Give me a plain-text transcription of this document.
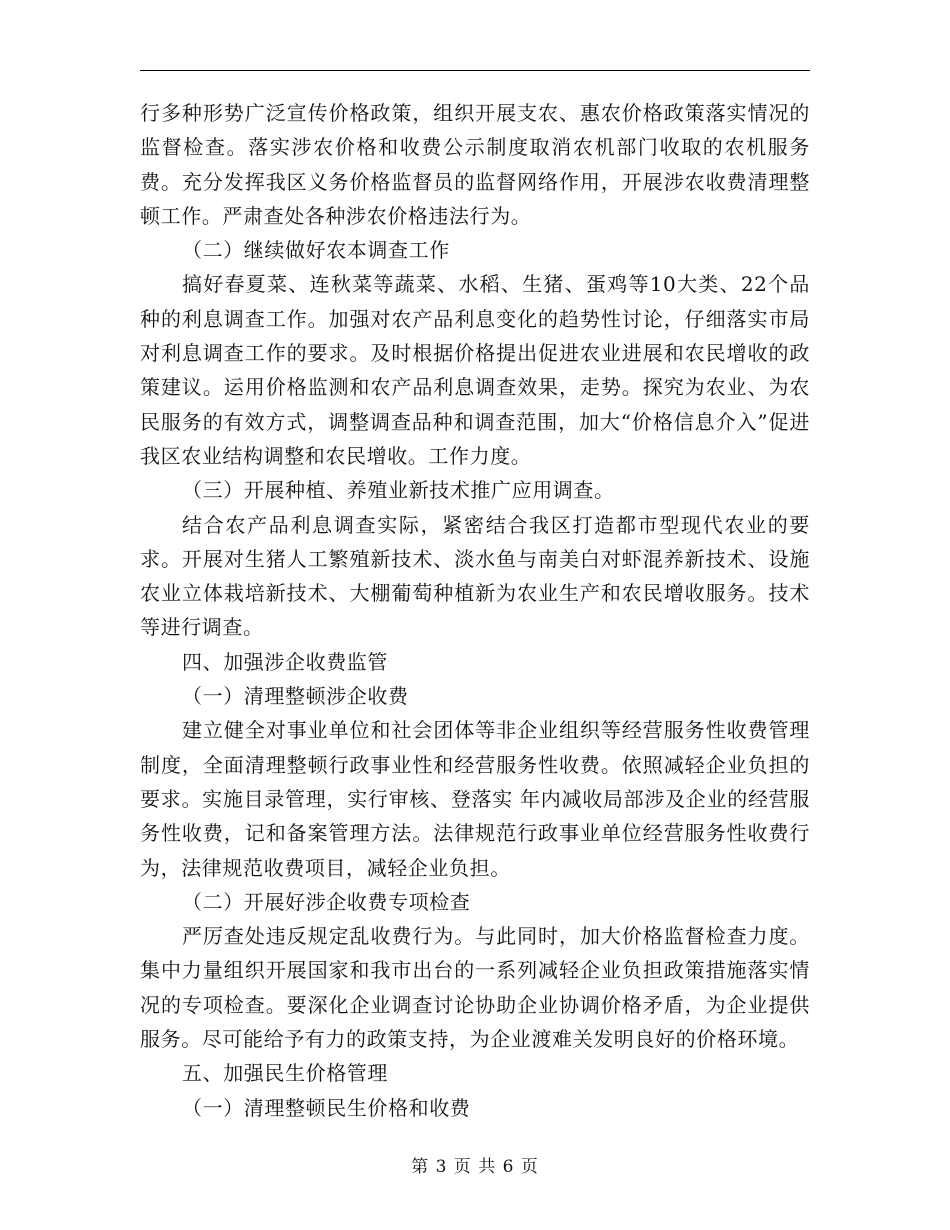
行多种形势广泛宣传价格政策，组织开展支农、惠农价格政策落实情况的监督检查。落实涉农价格和收费公示制度取消农机部门收取的农机服务费。充分发挥我区义务价格监督员的监督网络作用，开展涉农收费清理整顿工作。严肃查处各种涉农价格违法行为。

（二）继续做好农本调查工作

搞好春夏菜、连秋菜等蔬菜、水稻、生猪、蛋鸡等10大类、22个品种的利息调查工作。加强对农产品利息变化的趋势性讨论，仔细落实市局对利息调查工作的要求。及时根据价格提出促进农业进展和农民增收的政策建议。运用价格监测和农产品利息调查效果，走势。探究为农业、为农民服务的有效方式，调整调查品种和调查范围，加大“价格信息介入”促进我区农业结构调整和农民增收。工作力度。

（三）开展种植、养殖业新技术推广应用调查。

结合农产品利息调查实际，紧密结合我区打造都市型现代农业的要求。开展对生猪人工繁殖新技术、淡水鱼与南美白对虾混养新技术、设施农业立体栽培新技术、大棚葡萄种植新为农业生产和农民增收服务。技术等进行调查。

四、加强涉企收费监管

（一）清理整顿涉企收费

建立健全对事业单位和社会团体等非企业组织等经营服务性收费管理制度，全面清理整顿行政事业性和经营服务性收费。依照减轻企业负担的要求。实施目录管理，实行审核、登落实 年内减收局部涉及企业的经营服务性收费，记和备案管理方法。法律规范行政事业单位经营服务性收费行为，法律规范收费项目，减轻企业负担。

（二）开展好涉企收费专项检查

严厉查处违反规定乱收费行为。与此同时，加大价格监督检查力度。集中力量组织开展国家和我市出台的一系列减轻企业负担政策措施落实情况的专项检查。要深化企业调查讨论协助企业协调价格矛盾，为企业提供服务。尽可能给予有力的政策支持，为企业渡难关发明良好的价格环境。

五、加强民生价格管理

（一）清理整顿民生价格和收费

第 3 页 共 6 页
